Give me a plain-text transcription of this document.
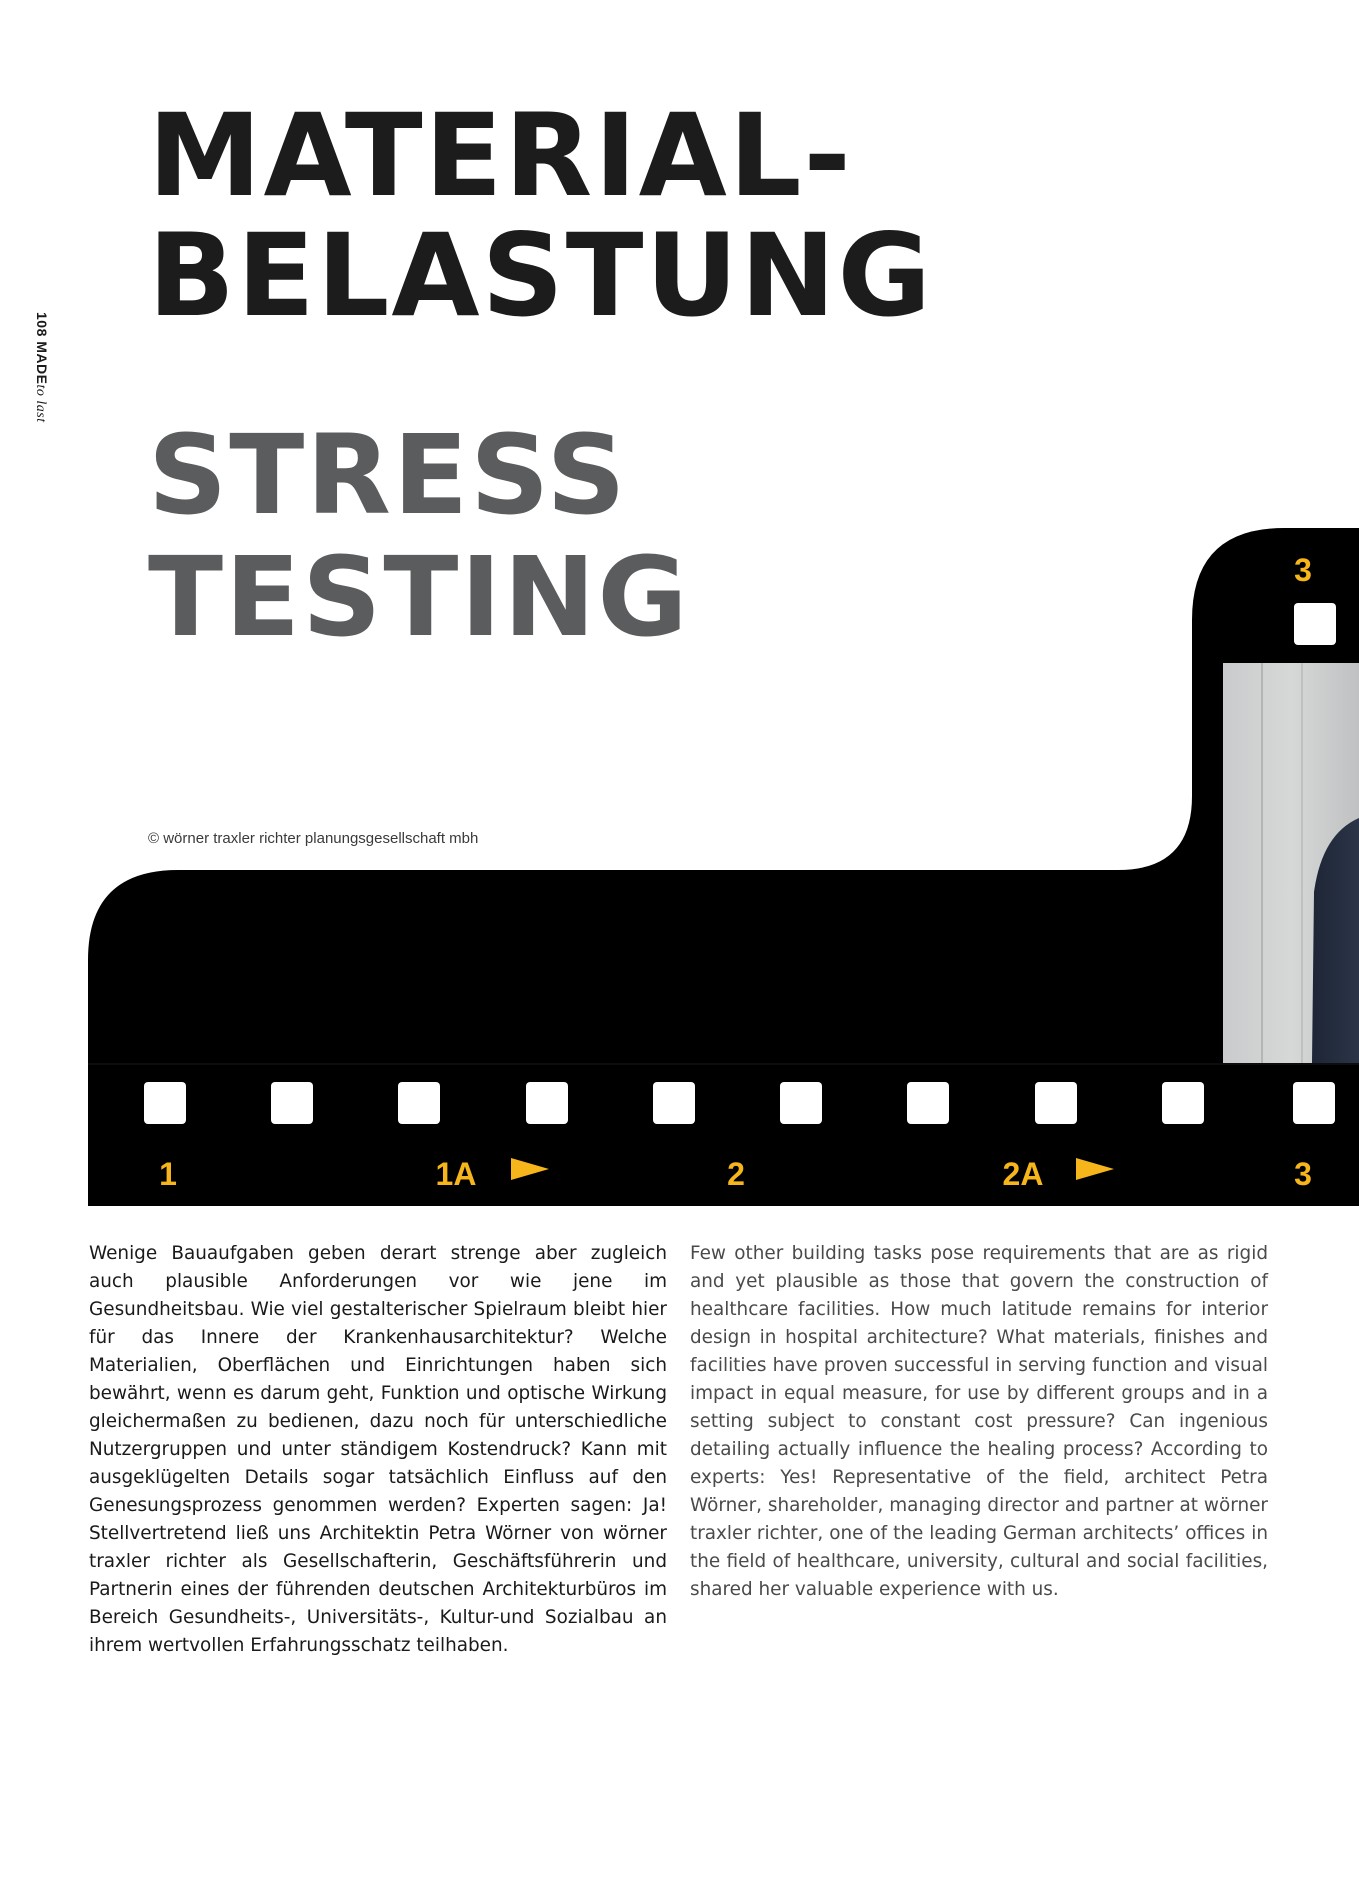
108 MADEto last
MATERIAL-
BELASTUNG
STRESS
TESTING
© wörner traxler richter planungsgesellschaft mbh
3
1	1A	2	2A	3

Wenige Bauaufgaben geben derart strenge aber zugleich auch plausible Anforderungen vor wie jene im Gesundheitsbau. Wie viel gestalterischer Spielraum bleibt hier für das Innere der Krankenhausarchitektur? Welche Materialien, Oberflächen und Einrichtungen haben sich bewährt, wenn es darum geht, Funktion und optische Wirkung gleichermaßen zu bedienen, dazu noch für unterschiedliche Nutzergruppen und unter ständigem Kostendruck? Kann mit ausgeklügelten Details sogar tatsächlich Einfluss auf den Genesungsprozess genommen werden? Experten sagen: Ja! Stellvertretend ließ uns Architektin Petra Wörner von wörner traxler richter als Gesellschafterin, Geschäftsführerin und Partnerin eines der führenden deutschen Architekturbüros im Bereich Gesundheits-, Universitäts-, Kultur-und Sozialbau an ihrem wertvollen Erfahrungsschatz teilhaben.

Few other building tasks pose requirements that are as rigid and yet plausible as those that govern the construction of healthcare facilities. How much latitude remains for interior design in hospital architecture? What materials, finishes and facilities have proven successful in serving function and visual impact in equal measure, for use by different groups and in a setting subject to constant cost pressure? Can ingenious detailing actually influence the healing process? According to experts: Yes! Representative of the field, architect Petra Wörner, shareholder, managing director and partner at wörner traxler richter, one of the leading German architects’ offices in the field of healthcare, university, cultural and social facilities, shared her valuable experience with us.
